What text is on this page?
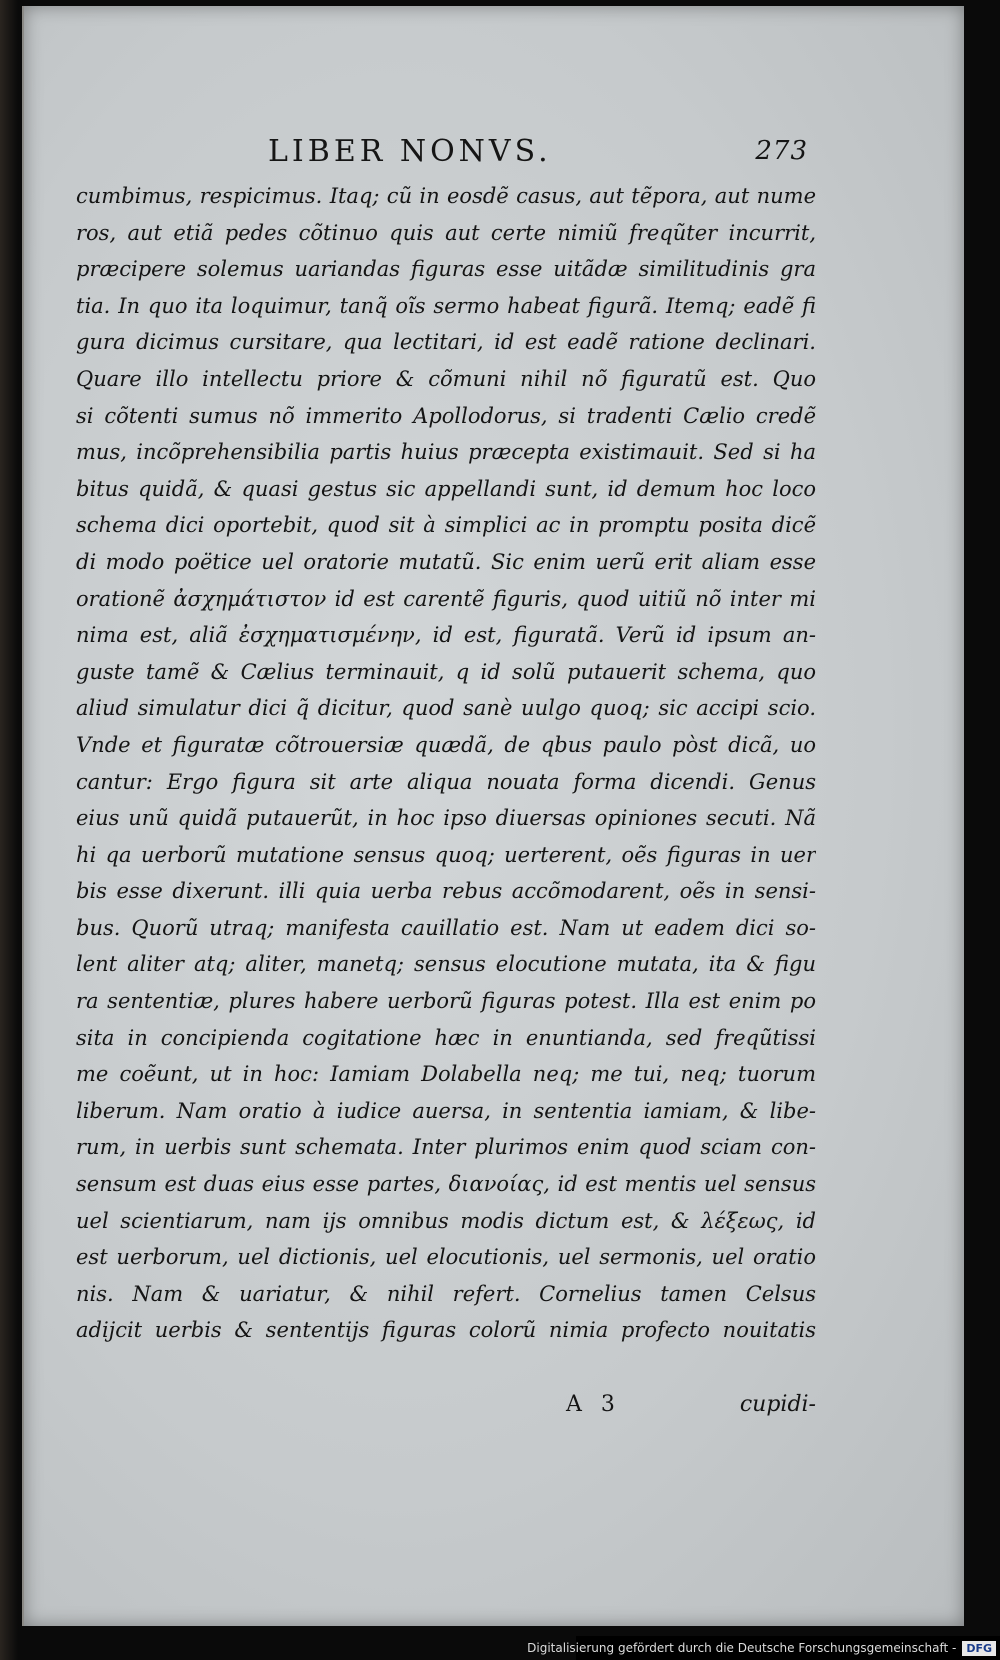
LIBER NONVS.	273
cumbimus, respicimus. Itaq; cũ in eosdẽ casus, aut tẽpora, aut nume
ros, aut etiã pedes cõtinuo quis aut certe nimiũ freqũter incurrit,
præcipere solemus uariandas figuras esse uitãdæ similitudinis gra
tia. In quo ita loquimur, tanq̃ oĩs sermo habeat figurã. Itemq; eadẽ fi
gura dicimus cursitare, qua lectitari, id est eadẽ ratione declinari.
Quare illo intellectu priore & cõmuni nihil nõ figuratũ est. Quo
si cõtenti sumus nõ immerito Apollodorus, si tradenti Cælio credẽ
mus, incõprehensibilia partis huius præcepta existimauit. Sed si ha
bitus quidã, & quasi gestus sic appellandi sunt, id demum hoc loco
schema dici oportebit, quod sit à simplici ac in promptu posita dicẽ
di modo poëtice uel oratorie mutatũ. Sic enim uerũ erit aliam esse
orationẽ ἀσχημάτιστον id est carentẽ figuris, quod uitiũ nõ inter mi
nima est, aliã ἐσχηματισμένην, id est, figuratã. Verũ id ipsum an-
guste tamẽ & Cælius terminauit, q id solũ putauerit schema, quo
aliud simulatur dici q̃ dicitur, quod sanè uulgo quoq; sic accipi scio.
Vnde et figuratæ cõtrouersiæ quædã, de qbus paulo pòst dicã, uo
cantur: Ergo figura sit arte aliqua nouata forma dicendi. Genus
eius unũ quidã putauerũt, in hoc ipso diuersas opiniones secuti. Nã
hi qa uerborũ mutatione sensus quoq; uerterent, oẽs figuras in uer
bis esse dixerunt. illi quia uerba rebus accõmodarent, oẽs in sensi-
bus. Quorũ utraq; manifesta cauillatio est. Nam ut eadem dici so-
lent aliter atq; aliter, manetq; sensus elocutione mutata, ita & figu
ra sententiæ, plures habere uerborũ figuras potest. Illa est enim po
sita in concipienda cogitatione hæc in enuntianda, sed freqũtissi
me coẽunt, ut in hoc: Iamiam Dolabella neq; me tui, neq; tuorum
liberum. Nam oratio à iudice auersa, in sententia iamiam, & libe-
rum, in uerbis sunt schemata. Inter plurimos enim quod sciam con-
sensum est duas eius esse partes, διανοίας, id est mentis uel sensus
uel scientiarum, nam ijs omnibus modis dictum est, & λέξεως, id
est uerborum, uel dictionis, uel elocutionis, uel sermonis, uel oratio
nis. Nam & uariatur, & nihil refert. Cornelius tamen Celsus
adijcit uerbis & sententijs figuras colorũ nimia profecto nouitatis
A 3	cupidi-
Digitalisierung gefördert durch die Deutsche Forschungsgemeinschaft - DFG
